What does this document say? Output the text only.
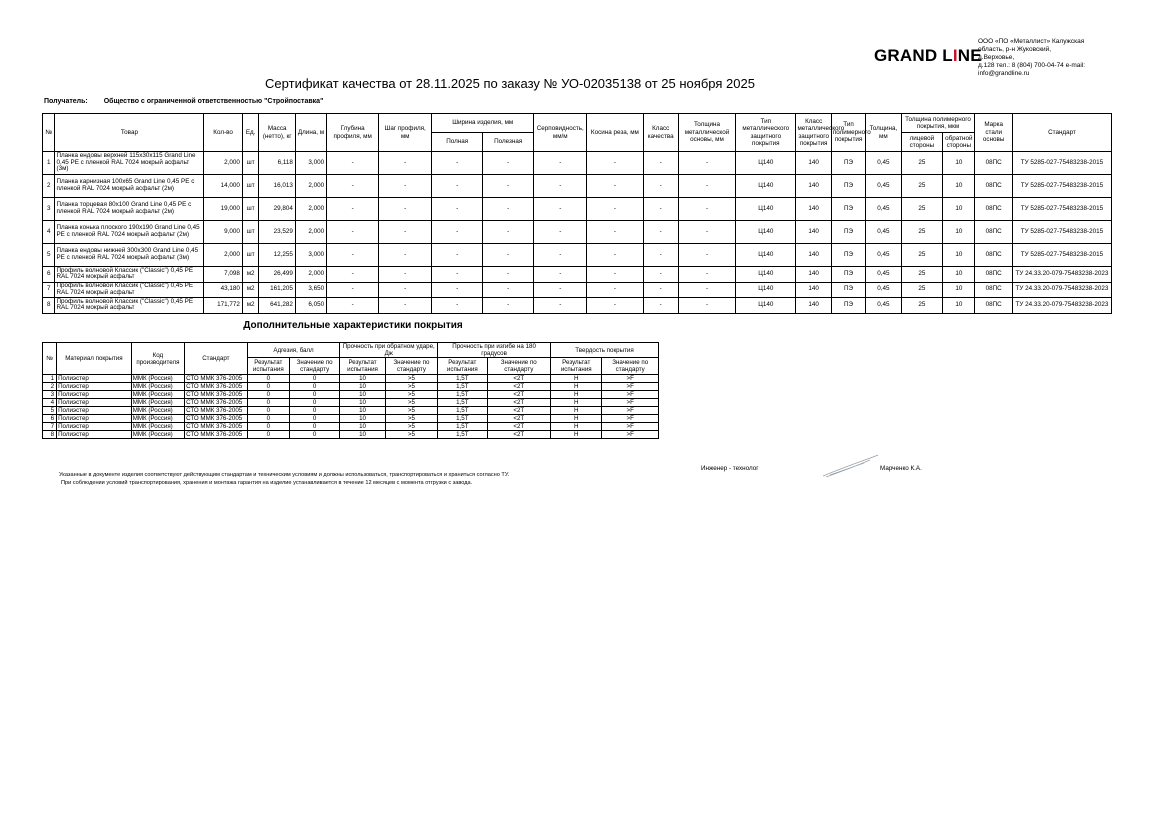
GRAND LINE
ООО «ПО «Металлист» Калужская
область, р-н Жуковский, д.Верховье,
д.128 тел.: 8 (804) 700-04-74 e-mail:
info@grandline.ru
Сертификат качества от 28.11.2025 по заказу № УО-02035138 от 25 ноября 2025
Получатель: Общество с ограниченной ответственностью "Стройпоставка"
№	Товар	Кол-во	Ед.	Масса (нетто), кг	Длина, м	Глубина профиля, мм	Шаг профиля, мм	Ширина изделия, мм		Серповидность, мм/м	Косина реза, мм	Класс качества	Толщина металлической основы, мм	Тип металлического защитного покрытия	Класс металлического защитного покрытия	Тип полимерного покрытия	Толщина, мм	Толщина полимерного покрытия, мкм		Марка стали основы	Стандарт
								Полная	Полезная									лицевой стороны	обратной стороны		
1	Планка ендовы верхней 115х30х115 Grand Line 0,45 PE с пленкой RAL 7024 мокрый асфальт (3м)	2,000	шт	6,118	3,000	-	-	-	-	-	-	-	-	Ц140	140	ПЭ	0,45	25	10	08ПС	ТУ 5285-027-75483238-2015
2	Планка карнизная 100х65 Grand Line 0,45 PE с пленкой RAL 7024 мокрый асфальт (2м)	14,000	шт	16,013	2,000	-	-	-	-	-	-	-	-	Ц140	140	ПЭ	0,45	25	10	08ПС	ТУ 5285-027-75483238-2015
3	Планка торцевая 80х100 Grand Line 0,45 PE с пленкой RAL 7024 мокрый асфальт (2м)	19,000	шт	29,804	2,000	-	-	-	-	-	-	-	-	Ц140	140	ПЭ	0,45	25	10	08ПС	ТУ 5285-027-75483238-2015
4	Планка конька плоского 190х190 Grand Line 0,45 PE с пленкой RAL 7024 мокрый асфальт (2м)	9,000	шт	23,529	2,000	-	-	-	-	-	-	-	-	Ц140	140	ПЭ	0,45	25	10	08ПС	ТУ 5285-027-75483238-2015
5	Планка ендовы нижней 300х300 Grand Line 0,45 PE с пленкой RAL 7024 мокрый асфальт (3м)	2,000	шт	12,255	3,000	-	-	-	-	-	-	-	-	Ц140	140	ПЭ	0,45	25	10	08ПС	ТУ 5285-027-75483238-2015
6	Профиль волновой Классик ("Classic") 0,45 PE RAL 7024 мокрый асфальт	7,098	м2	26,499	2,000	-	-	-	-	-	-	-	-	Ц140	140	ПЭ	0,45	25	10	08ПС	ТУ 24.33.20-079-75483238-2023
7	Профиль волновой Классик ("Classic") 0,45 PE RAL 7024 мокрый асфальт	43,180	м2	161,205	3,650	-	-	-	-	-	-	-	-	Ц140	140	ПЭ	0,45	25	10	08ПС	ТУ 24.33.20-079-75483238-2023
8	Профиль волновой Классик ("Classic") 0,45 PE RAL 7024 мокрый асфальт	171,772	м2	641,282	6,050	-	-	-	-	-	-	-	-	Ц140	140	ПЭ	0,45	25	10	08ПС	ТУ 24.33.20-079-75483238-2023
Дополнительные характеристики покрытия
№	Материал покрытия	Код производителя	Стандарт	Адгезия, балл		Прочность при обратном ударе, Дж		Прочность при изгибе на 180 градусов		Твердость покрытия	
				Результат испытания	Значение по стандарту	Результат испытания	Значение по стандарту	Результат испытания	Значение по стандарту	Результат испытания	Значение по стандарту
1	Полиэстер	ММК (Россия)	СТО ММК 376-2005	0	0	10	>5	1,5Т	<2Т	Н	>F
2	Полиэстер	ММК (Россия)	СТО ММК 376-2005	0	0	10	>5	1,5Т	<2Т	Н	>F
3	Полиэстер	ММК (Россия)	СТО ММК 376-2005	0	0	10	>5	1,5Т	<2Т	Н	>F
4	Полиэстер	ММК (Россия)	СТО ММК 376-2005	0	0	10	>5	1,5Т	<2Т	Н	>F
5	Полиэстер	ММК (Россия)	СТО ММК 376-2005	0	0	10	>5	1,5Т	<2Т	Н	>F
6	Полиэстер	ММК (Россия)	СТО ММК 376-2005	0	0	10	>5	1,5Т	<2Т	Н	>F
7	Полиэстер	ММК (Россия)	СТО ММК 376-2005	0	0	10	>5	1,5Т	<2Т	Н	>F
8	Полиэстер	ММК (Россия)	СТО ММК 376-2005	0	0	10	>5	1,5Т	<2Т	Н	>F
Указанные в документе изделия соответствуют действующим стандартам и техническим условиям и должны использоваться, транспортироваться и храниться согласно ТУ.
При соблюдении условий транспортирования, хранения и монтажа гарантия на изделие устанавливается в течение 12 месяцев с момента отгрузки с завода.
Инженер - технолог	Марченко К.А.
